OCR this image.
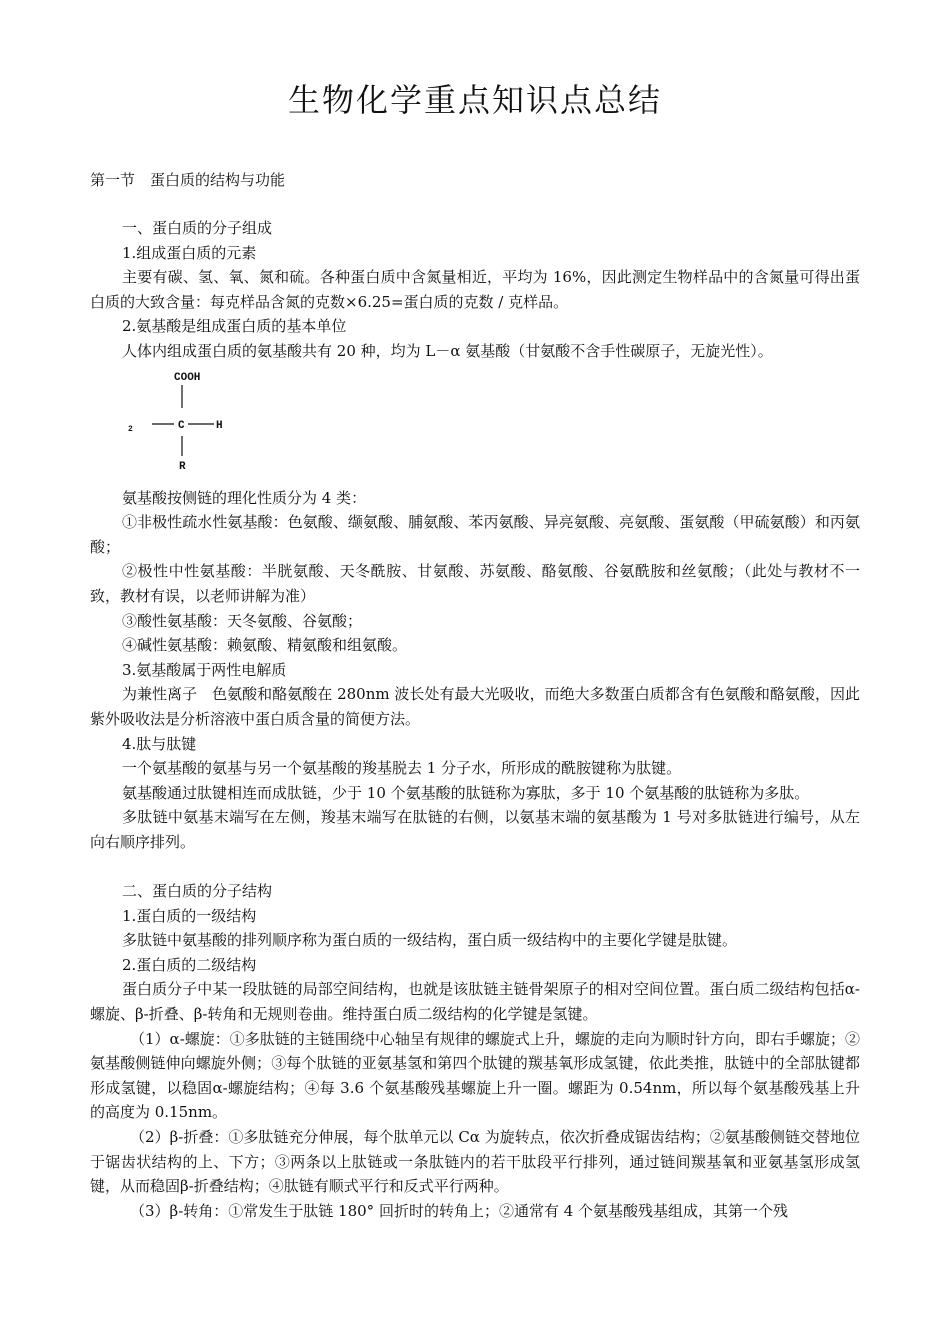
生物化学重点知识点总结
第一节　蛋白质的结构与功能

一、蛋白质的分子组成

1.组成蛋白质的元素

主要有碳、氢、氧、氮和硫。各种蛋白质中含氮量相近，平均为 16%，因此测定生物样品中的含氮量可得出蛋白质的大致含量：每克样品含氮的克数×6.25=蛋白质的克数 / 克样品。

2.氨基酸是组成蛋白质的基本单位

人体内组成蛋白质的氨基酸共有 20 种，均为 L－α 氨基酸（甘氨酸不含手性碳原子，无旋光性）。

COOH
$_2$	C	H
R

氨基酸按侧链的理化性质分为 4 类：

①非极性疏水性氨基酸：色氨酸、缬氨酸、脯氨酸、苯丙氨酸、异亮氨酸、亮氨酸、蛋氨酸（甲硫氨酸）和丙氨酸；

②极性中性氨基酸：半胱氨酸、天冬酰胺、甘氨酸、苏氨酸、酪氨酸、谷氨酰胺和丝氨酸；（此处与教材不一致，教材有误，以老师讲解为准）

③酸性氨基酸：天冬氨酸、谷氨酸；

④碱性氨基酸：赖氨酸、精氨酸和组氨酸。

3.氨基酸属于两性电解质

为兼性离子　色氨酸和酪氨酸在 280nm 波长处有最大光吸收，而绝大多数蛋白质都含有色氨酸和酪氨酸，因此紫外吸收法是分析溶液中蛋白质含量的简便方法。

4.肽与肽键

一个氨基酸的氨基与另一个氨基酸的羧基脱去 1 分子水，所形成的酰胺键称为肽键。

氨基酸通过肽键相连而成肽链，少于 10 个氨基酸的肽链称为寡肽，多于 10 个氨基酸的肽链称为多肽。

多肽链中氨基末端写在左侧，羧基末端写在肽链的右侧，以氨基末端的氨基酸为 1 号对多肽链进行编号，从左向右顺序排列。

二、蛋白质的分子结构

1.蛋白质的一级结构

多肽链中氨基酸的排列顺序称为蛋白质的一级结构，蛋白质一级结构中的主要化学键是肽键。

2.蛋白质的二级结构

蛋白质分子中某一段肽链的局部空间结构，也就是该肽链主链骨架原子的相对空间位置。蛋白质二级结构包括α-螺旋、β-折叠、β-转角和无规则卷曲。维持蛋白质二级结构的化学键是氢键。

（1）α-螺旋：①多肽链的主链围绕中心轴呈有规律的螺旋式上升，螺旋的走向为顺时针方向，即右手螺旋；②氨基酸侧链伸向螺旋外侧；③每个肽链的亚氨基氢和第四个肽键的羰基氧形成氢键，依此类推，肽链中的全部肽键都形成氢键，以稳固α-螺旋结构；④每 3.6 个氨基酸残基螺旋上升一圈。螺距为 0.54nm，所以每个氨基酸残基上升的高度为 0.15nm。

（2）β-折叠：①多肽链充分伸展，每个肽单元以 Cα 为旋转点，依次折叠成锯齿结构；②氨基酸侧链交替地位于锯齿状结构的上、下方；③两条以上肽链或一条肽链内的若干肽段平行排列，通过链间羰基氧和亚氨基氢形成氢键，从而稳固β-折叠结构；④肽链有顺式平行和反式平行两种。

（3）β-转角：①常发生于肽链 180° 回折时的转角上；②通常有 4 个氨基酸残基组成，其第一个残
